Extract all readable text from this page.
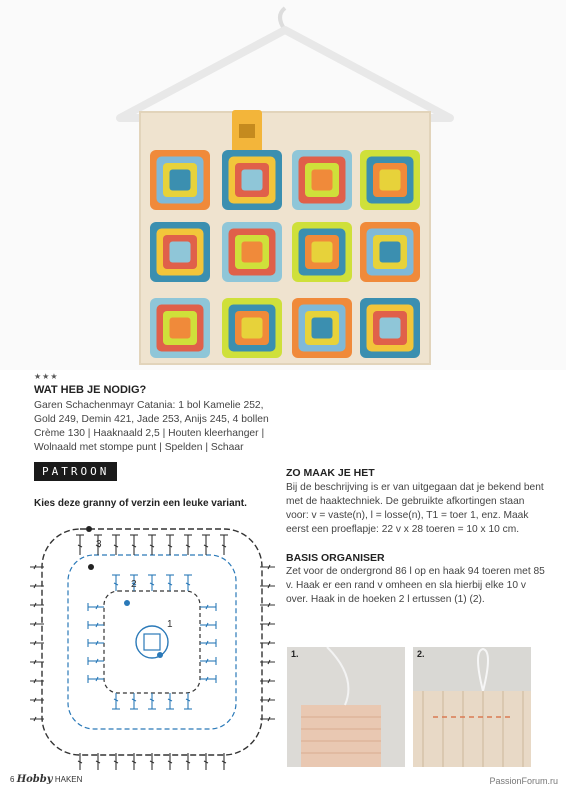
★★★
WAT HEB JE NODIG?
Garen Schachenmayr Catania: 1 bol Kamelie 252, Gold 249, Demin 421, Jade 253, Anijs 245, 4 bollen Crème 130 | Haaknaald 2,5 | Houten kleerhanger | Wolnaald met stompe punt | Spelden | Schaar
PATROON
Kies deze granny of verzin een leuke variant.
3
2
1
ZO MAAK JE HET
Bij de beschrijving is er van uitgegaan dat je bekend bent met de haaktechniek. De gebruikte afkortingen staan voor: v = vaste(n), l = losse(n), T1 = toer 1, enz. Maak eerst een proeflapje: 22 v x 28 toeren = 10 x 10 cm.
BASIS ORGANISER
Zet voor de ondergrond 86 l op en haak 94 toeren met 85 v. Haak er een rand v omheen en sla hierbij elke 10 v over. Haak in de hoeken 2 l ertussen (1) (2).
1.	2.
6 Hobby HAKEN	PassionForum.ru
